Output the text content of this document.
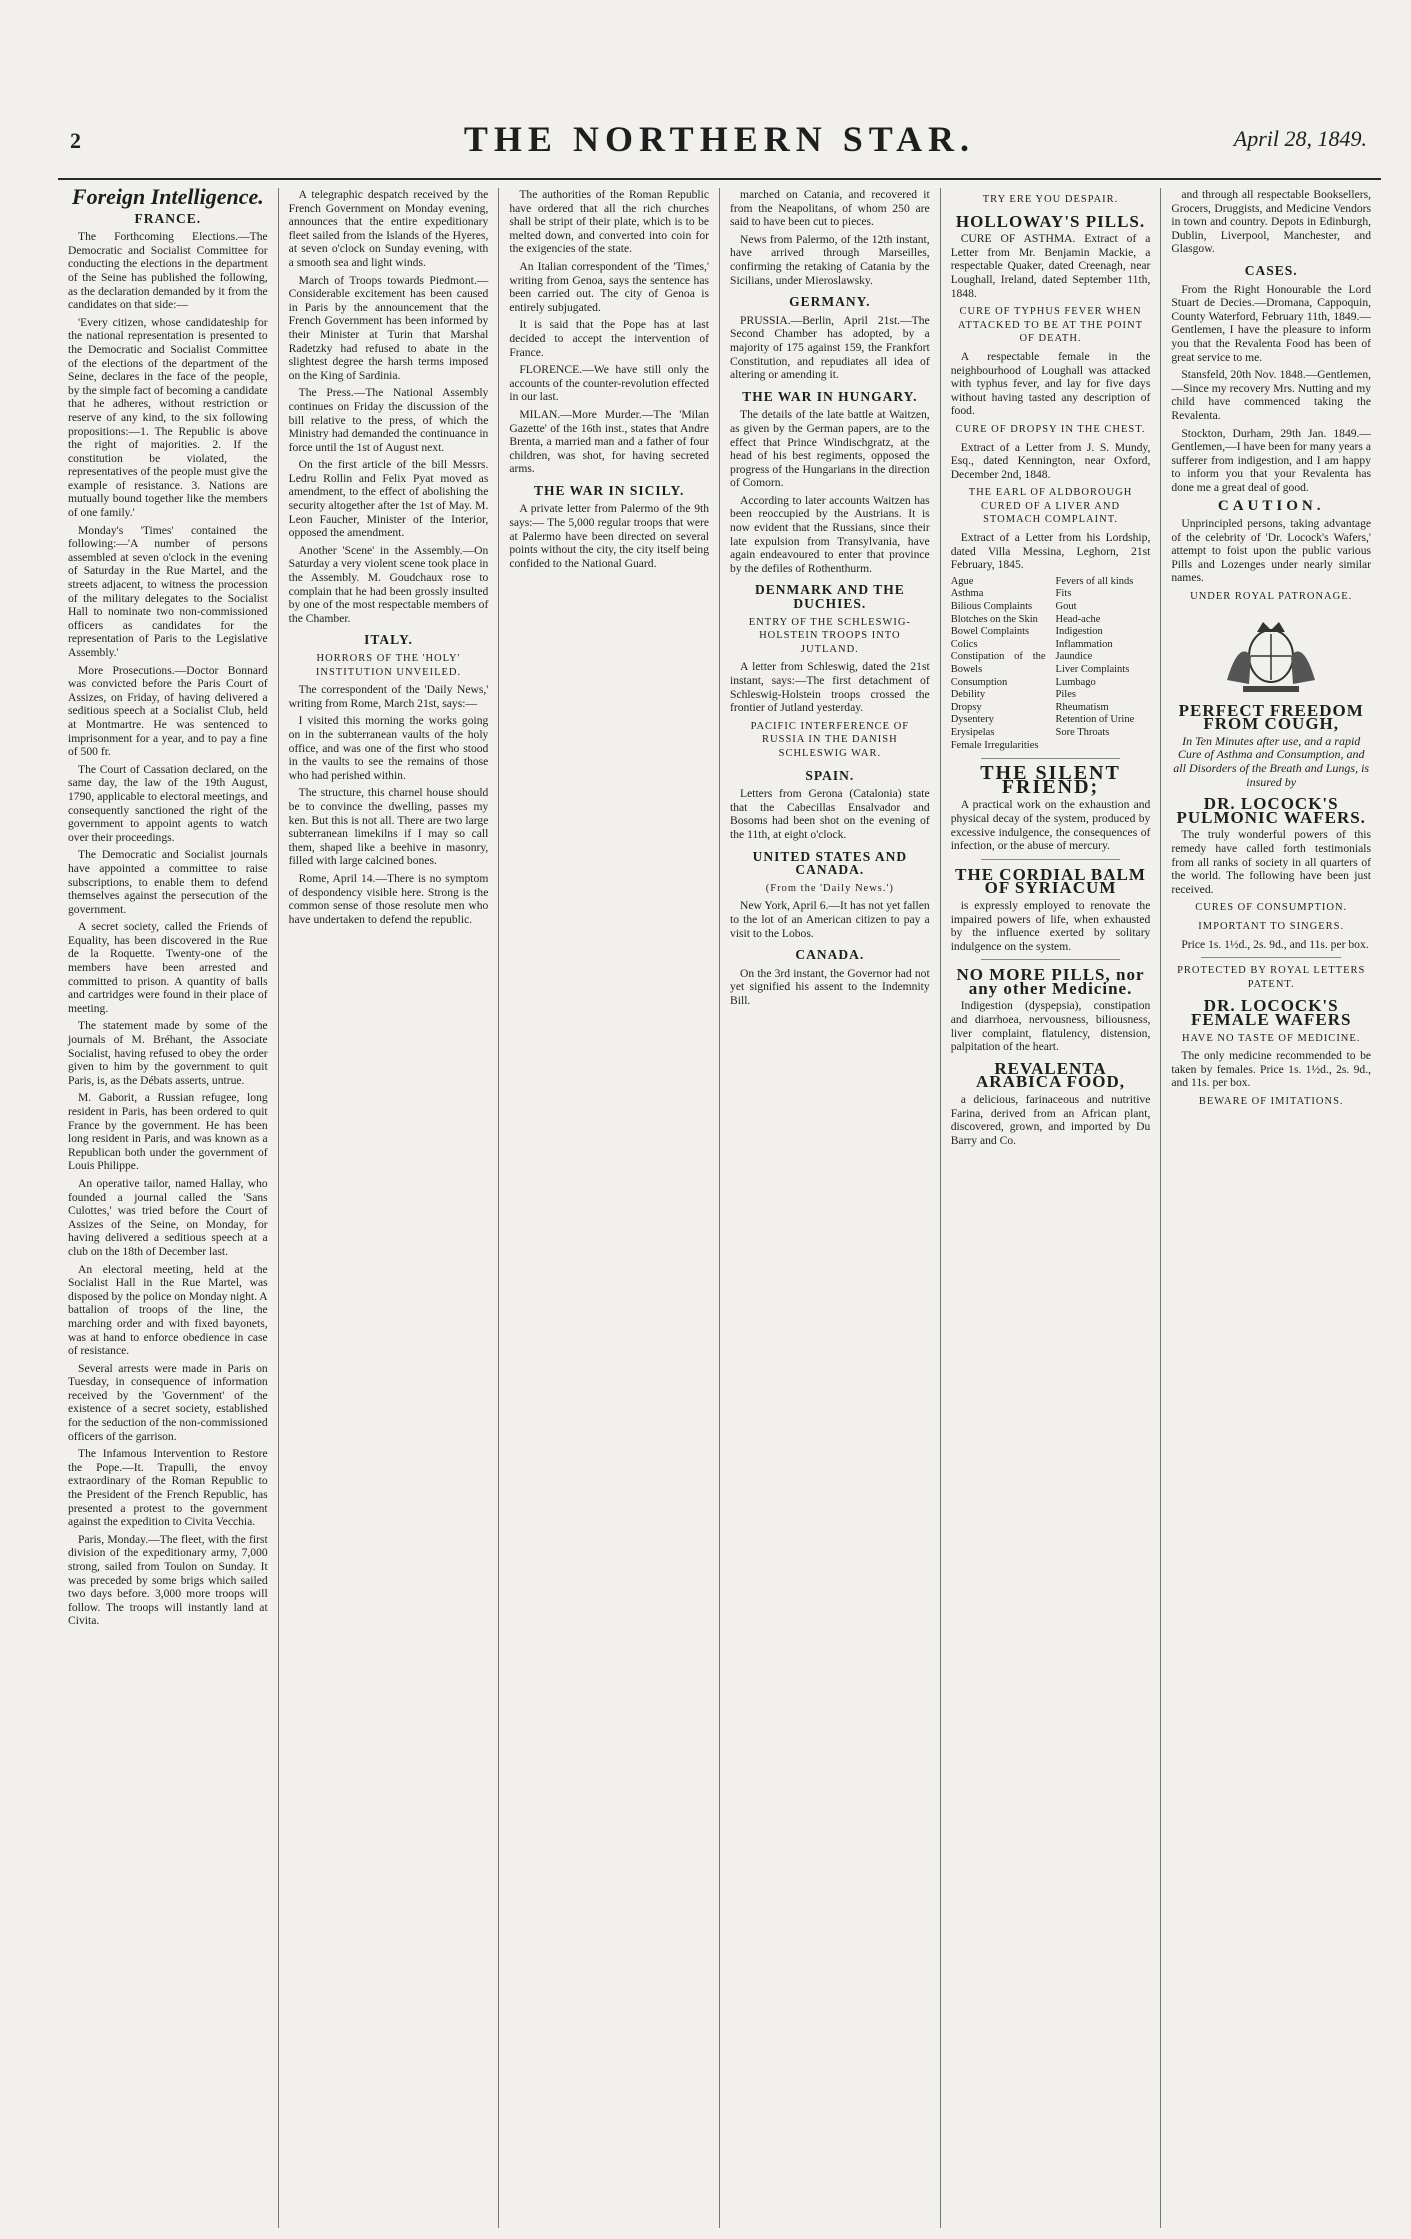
2	THE NORTHERN STAR.	April 28, 1849.
Foreign Intelligence.
FRANCE.

The Forthcoming Elections.—The Democratic and Socialist Committee for conducting the elections in the department of the Seine has published the following, as the declaration demanded by it from the candidates on that side:—

'Every citizen, whose candidateship for the national representation is presented to the Democratic and Socialist Committee of the elections of the department of the Seine, declares in the face of the people, by the simple fact of becoming a candidate that he adheres, without restriction or reserve of any kind, to the six following propositions:—1. The Republic is above the right of majorities. 2. If the constitution be violated, the representatives of the people must give the example of resistance. 3. Nations are mutually bound together like the members of one family.'

Monday's 'Times' contained the following:—'A number of persons assembled at seven o'clock in the evening of Saturday in the Rue Martel, and the streets adjacent, to witness the procession of the military delegates to the Socialist Hall to nominate two non-commissioned officers as candidates for the representation of Paris to the Legislative Assembly.'

More Prosecutions.—Doctor Bonnard was convicted before the Paris Court of Assizes, on Friday, of having delivered a seditious speech at a Socialist Club, held at Montmartre. He was sentenced to imprisonment for a year, and to pay a fine of 500 fr.

The Court of Cassation declared, on the same day, the law of the 19th August, 1790, applicable to electoral meetings, and consequently sanctioned the right of the government to appoint agents to watch over their proceedings.

The Democratic and Socialist journals have appointed a committee to raise subscriptions, to enable them to defend themselves against the persecution of the government.

A secret society, called the Friends of Equality, has been discovered in the Rue de la Roquette. Twenty-one of the members have been arrested and committed to prison. A quantity of balls and cartridges were found in their place of meeting.

The statement made by some of the journals of M. Bréhant, the Associate Socialist, having refused to obey the order given to him by the government to quit Paris, is, as the Débats asserts, untrue.

M. Gaborit, a Russian refugee, long resident in Paris, has been ordered to quit France by the government. He has been long resident in Paris, and was known as a Republican both under the government of Louis Philippe.

An operative tailor, named Hallay, who founded a journal called the 'Sans Culottes,' was tried before the Court of Assizes of the Seine, on Monday, for having delivered a seditious speech at a club on the 18th of December last.

An electoral meeting, held at the Socialist Hall in the Rue Martel, was disposed by the police on Monday night. A battalion of troops of the line, the marching order and with fixed bayonets, was at hand to enforce obedience in case of resistance.

Several arrests were made in Paris on Tuesday, in consequence of information received by the 'Government' of the existence of a secret society, established for the seduction of the non-commissioned officers of the garrison.

The Infamous Intervention to Restore the Pope.—It. Trapulli, the envoy extraordinary of the Roman Republic to the President of the French Republic, has presented a protest to the government against the expedition to Civita Vecchia.

Paris, Monday.—The fleet, with the first division of the expeditionary army, 7,000 strong, sailed from Toulon on Sunday. It was preceded by some brigs which sailed two days before. 3,000 more troops will follow. The troops will instantly land at Civita.

A telegraphic despatch received by the French Government on Monday evening, announces that the entire expeditionary fleet sailed from the Islands of the Hyeres, at seven o'clock on Sunday evening, with a smooth sea and light winds.

March of Troops towards Piedmont.—Considerable excitement has been caused in Paris by the announcement that the French Government has been informed by their Minister at Turin that Marshal Radetzky had refused to abate in the slightest degree the harsh terms imposed on the King of Sardinia.

The Press.—The National Assembly continues on Friday the discussion of the bill relative to the press, of which the Ministry had demanded the continuance in force until the 1st of August next.

On the first article of the bill Messrs. Ledru Rollin and Felix Pyat moved as amendment, to the effect of abolishing the security altogether after the 1st of May. M. Leon Faucher, Minister of the Interior, opposed the amendment.

Another 'Scene' in the Assembly.—On Saturday a very violent scene took place in the Assembly. M. Goudchaux rose to complain that he had been grossly insulted by one of the most respectable members of the Chamber.

ITALY.
HORRORS OF THE 'HOLY' INSTITUTION UNVEILED.

The correspondent of the 'Daily News,' writing from Rome, March 21st, says:—

I visited this morning the works going on in the subterranean vaults of the holy office, and was one of the first who stood in the vaults to see the remains of those who had perished within.

The structure, this charnel house should be to convince the dwelling, passes my ken. But this is not all. There are two large subterranean limekilns if I may so call them, shaped like a beehive in masonry, filled with large calcined bones.

Rome, April 14.—There is no symptom of despondency visible here. Strong is the common sense of those resolute men who have undertaken to defend the republic.

The authorities of the Roman Republic have ordered that all the rich churches shall be stript of their plate, which is to be melted down, and converted into coin for the exigencies of the state.

An Italian correspondent of the 'Times,' writing from Genoa, says the sentence has been carried out. The city of Genoa is entirely subjugated.

It is said that the Pope has at last decided to accept the intervention of France.

FLORENCE.—We have still only the accounts of the counter-revolution effected in our last.

MILAN.—More Murder.—The 'Milan Gazette' of the 16th inst., states that Andre Brenta, a married man and a father of four children, was shot, for having secreted arms.

THE WAR IN SICILY.

A private letter from Palermo of the 9th says:— The 5,000 regular troops that were at Palermo have been directed on several points without the city, the city itself being confided to the National Guard.

marched on Catania, and recovered it from the Neapolitans, of whom 250 are said to have been cut to pieces.

News from Palermo, of the 12th instant, have arrived through Marseilles, confirming the retaking of Catania by the Sicilians, under Mieroslawsky.

GERMANY.

PRUSSIA.—Berlin, April 21st.—The Second Chamber has adopted, by a majority of 175 against 159, the Frankfort Constitution, and repudiates all idea of altering or amending it.

THE WAR IN HUNGARY.

The details of the late battle at Waitzen, as given by the German papers, are to the effect that Prince Windischgratz, at the head of his best regiments, opposed the progress of the Hungarians in the direction of Comorn.

According to later accounts Waitzen has been reoccupied by the Austrians. It is now evident that the Russians, since their late expulsion from Transylvania, have again endeavoured to enter that province by the defiles of Rothenthurm.

DENMARK AND THE DUCHIES.
ENTRY OF THE SCHLESWIG-HOLSTEIN TROOPS INTO JUTLAND.

A letter from Schleswig, dated the 21st instant, says:—The first detachment of Schleswig-Holstein troops crossed the frontier of Jutland yesterday.

PACIFIC INTERFERENCE OF RUSSIA IN THE DANISH SCHLESWIG WAR.
SPAIN.

Letters from Gerona (Catalonia) state that the Cabecillas Ensalvador and Bosoms had been shot on the evening of the 11th, at eight o'clock.

UNITED STATES AND CANADA.
(From the 'Daily News.')

New York, April 6.—It has not yet fallen to the lot of an American citizen to pay a visit to the Lobos.

CANADA.

On the 3rd instant, the Governor had not yet signified his assent to the Indemnity Bill.

TRY ERE YOU DESPAIR.
HOLLOWAY'S PILLS.

CURE OF ASTHMA. Extract of a Letter from Mr. Benjamin Mackie, a respectable Quaker, dated Creenagh, near Loughall, Ireland, dated September 11th, 1848.

CURE OF TYPHUS FEVER WHEN ATTACKED TO BE AT THE POINT OF DEATH.

A respectable female in the neighbourhood of Loughall was attacked with typhus fever, and lay for five days without having tasted any description of food.

CURE OF DROPSY IN THE CHEST.

Extract of a Letter from J. S. Mundy, Esq., dated Kennington, near Oxford, December 2nd, 1848.

THE EARL OF ALDBOROUGH CURED OF A LIVER AND STOMACH COMPLAINT.

Extract of a Letter from his Lordship, dated Villa Messina, Leghorn, 21st February, 1845.

Ague
Asthma
Bilious Complaints
Blotches on the Skin
Bowel Complaints
Colics
Constipation of the Bowels
Consumption
Debility
Dropsy
Dysentery
Erysipelas
Female Irregularities
Fevers of all kinds
Fits
Gout
Head-ache
Indigestion
Inflammation
Jaundice
Liver Complaints
Lumbago
Piles
Rheumatism
Retention of Urine
Sore Throats
THE SILENT FRIEND;

A practical work on the exhaustion and physical decay of the system, produced by excessive indulgence, the consequences of infection, or the abuse of mercury.

THE CORDIAL BALM OF SYRIACUM

is expressly employed to renovate the impaired powers of life, when exhausted by the influence exerted by solitary indulgence on the system.

NO MORE PILLS, nor any other Medicine.

Indigestion (dyspepsia), constipation and diarrhoea, nervousness, biliousness, liver complaint, flatulency, distension, palpitation of the heart.

REVALENTA ARABICA FOOD,

a delicious, farinaceous and nutritive Farina, derived from an African plant, discovered, grown, and imported by Du Barry and Co.

and through all respectable Booksellers, Grocers, Druggists, and Medicine Vendors in town and country. Depots in Edinburgh, Dublin, Liverpool, Manchester, and Glasgow.

CASES.

From the Right Honourable the Lord Stuart de Decies.—Dromana, Cappoquin, County Waterford, February 11th, 1849.—Gentlemen, I have the pleasure to inform you that the Revalenta Food has been of great service to me.

Stansfeld, 20th Nov. 1848.—Gentlemen,—Since my recovery Mrs. Nutting and my child have commenced taking the Revalenta.

Stockton, Durham, 29th Jan. 1849.—Gentlemen,—I have been for many years a sufferer from indigestion, and I am happy to inform you that your Revalenta has done me a great deal of good.

CAUTION.

Unprincipled persons, taking advantage of the celebrity of 'Dr. Locock's Wafers,' attempt to foist upon the public various Pills and Lozenges under nearly similar names.

UNDER ROYAL PATRONAGE.
PERFECT FREEDOM FROM COUGH,
In Ten Minutes after use, and a rapid Cure of Asthma and Consumption, and all Disorders of the Breath and Lungs, is insured by
DR. LOCOCK'S PULMONIC WAFERS.

The truly wonderful powers of this remedy have called forth testimonials from all ranks of society in all quarters of the world. The following have been just received.

CURES OF CONSUMPTION.
IMPORTANT TO SINGERS.

Price 1s. 1½d., 2s. 9d., and 11s. per box.

PROTECTED BY ROYAL LETTERS PATENT.
DR. LOCOCK'S FEMALE WAFERS
HAVE NO TASTE OF MEDICINE.

The only medicine recommended to be taken by females. Price 1s. 1½d., 2s. 9d., and 11s. per box.

BEWARE OF IMITATIONS.
